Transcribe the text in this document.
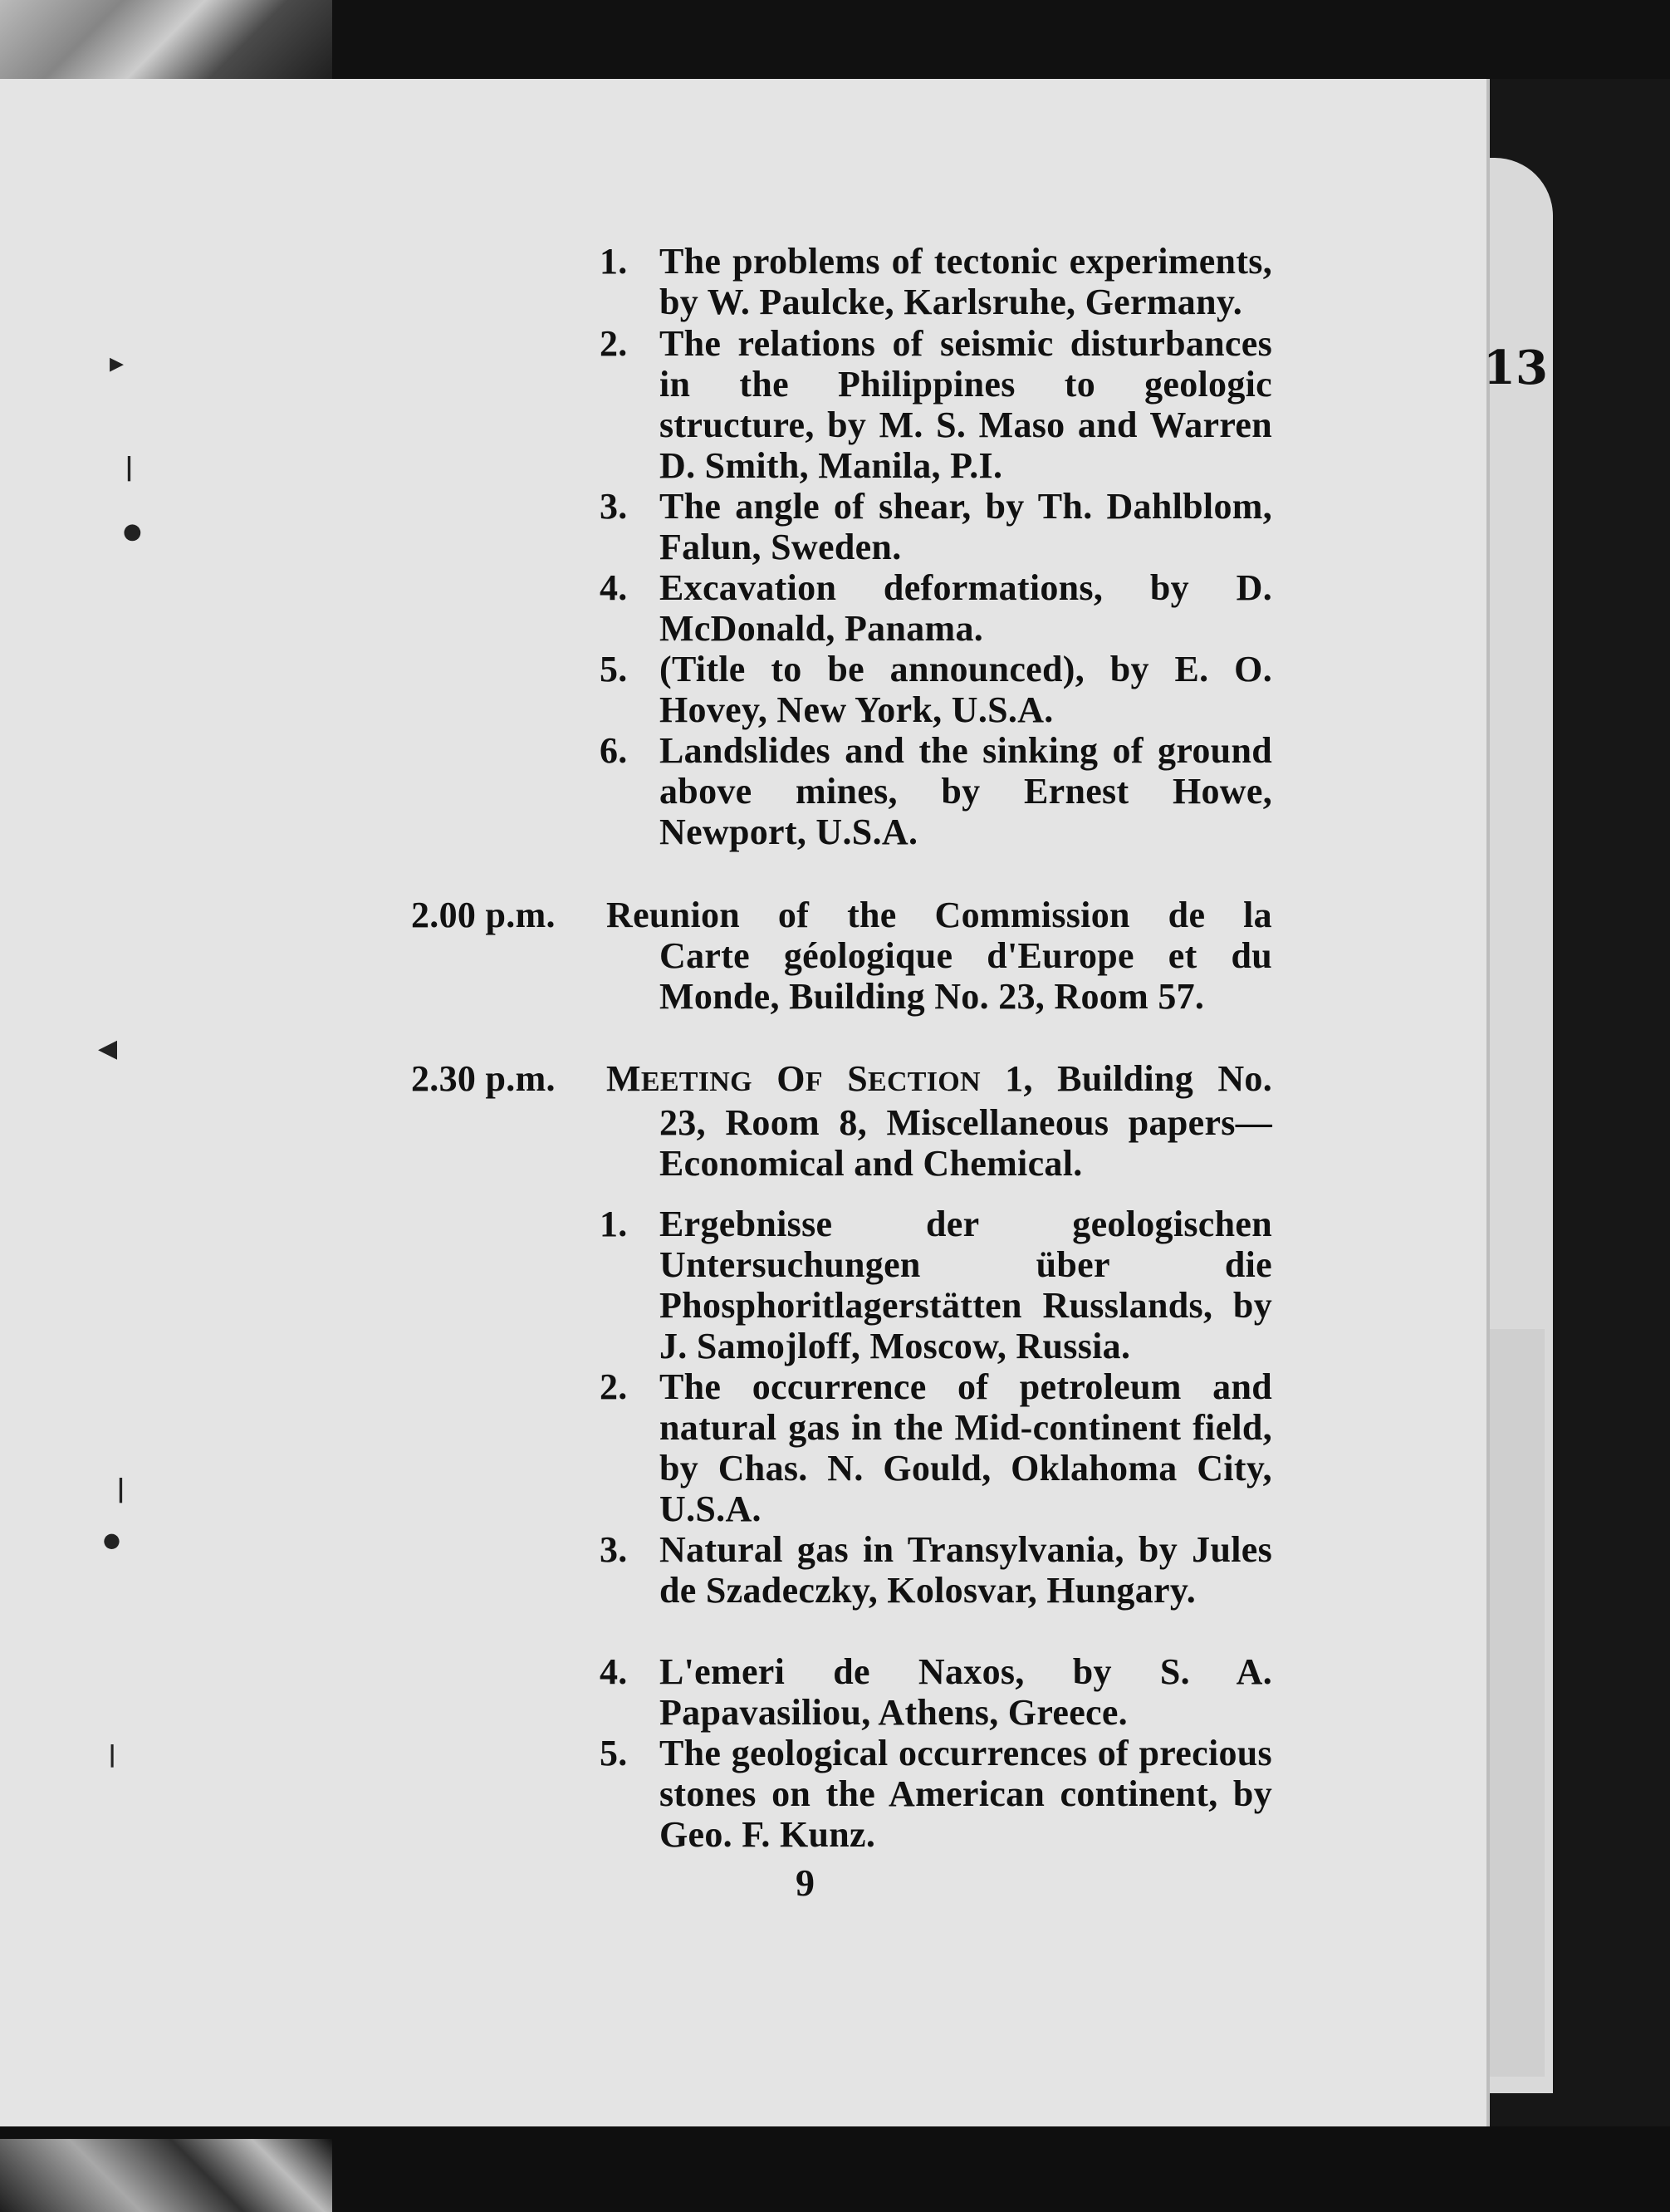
▸
|
●
◀
|
●
|
13
1. The problems of tectonic experiments, by W. Paulcke, Karlsruhe, Germany.
2. The relations of seismic disturbances in the Philippines to geologic structure, by M. S. Maso and Warren D. Smith, Manila, P.I.
3. The angle of shear, by Th. Dahlblom, Falun, Sweden.
4. Excavation deformations, by D. McDonald, Panama.
5. (Title to be announced), by E. O. Hovey, New York, U.S.A.
6. Landslides and the sinking of ground above mines, by Ernest Howe, Newport, U.S.A.
2.00 p.m.	Reunion of the Commission de la
Carte géologique d'Europe et du Monde, Building No. 23, Room 57.
2.30 p.m.	MEETING OF SECTION 1, Building No.
23, Room 8, Miscellaneous papers— Economical and Chemical.
1. Ergebnisse der geologischen Untersuchungen über die Phosphoritlagerstätten Russlands, by J. Samojloff, Moscow, Russia.
2. The occurrence of petroleum and natural gas in the Mid-continent field, by Chas. N. Gould, Oklahoma City, U.S.A.
3. Natural gas in Transylvania, by Jules de Szadeczky, Kolosvar, Hungary.
4. L'emeri de Naxos, by S. A. Papavasiliou, Athens, Greece.
5. The geological occurrences of precious stones on the American continent, by Geo. F. Kunz.
9
